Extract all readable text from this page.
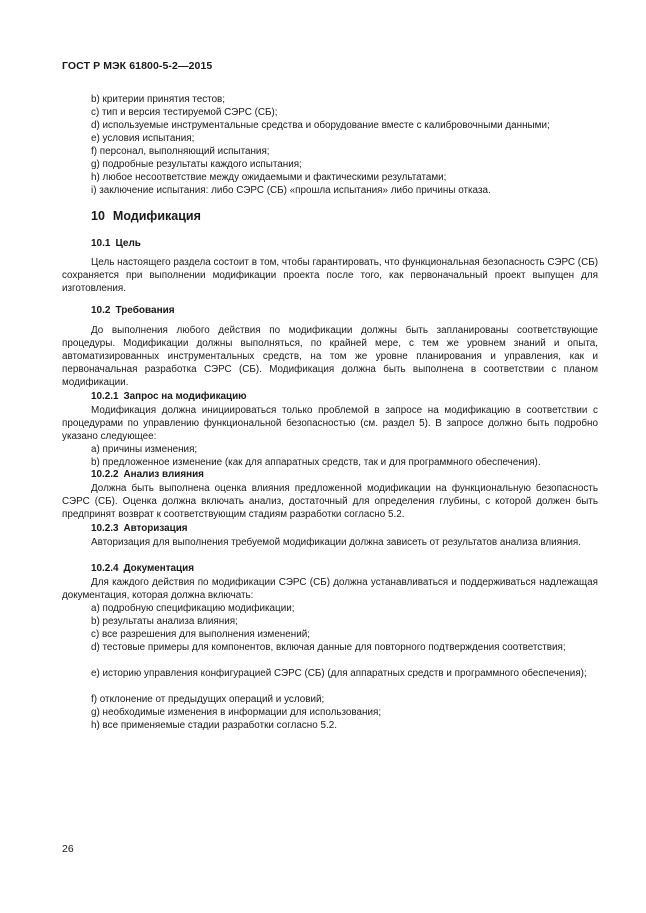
ГОСТ Р МЭК 61800-5-2—2015
b) критерии принятия тестов;
c) тип и версия тестируемой СЭРС (СБ);
d) используемые инструментальные средства и оборудование вместе с калибровочными данными;
e) условия испытания;
f) персонал, выполняющий испытания;
g) подробные результаты каждого испытания;
h) любое несоответствие между ожидаемыми и фактическими результатами;
i) заключение испытания: либо СЭРС (СБ) «прошла испытания» либо причины отказа.
10 Модификация
10.1 Цель
Цель настоящего раздела состоит в том, чтобы гарантировать, что функциональная безопасность СЭРС (СБ) сохраняется при выполнении модификации проекта после того, как первоначальный проект выпущен для изготовления.
10.2 Требования
До выполнения любого действия по модификации должны быть запланированы соответствующие процедуры. Модификации должны выполняться, по крайней мере, с тем же уровнем знаний и опыта, автоматизированных инструментальных средств, на том же уровне планирования и управления, как и первоначальная разработка СЭРС (СБ). Модификация должна быть выполнена в соответствии с планом модификации.
10.2.1 Запрос на модификацию
Модификация должна инициироваться только проблемой в запросе на модификацию в соответствии с процедурами по управлению функциональной безопасностью (см. раздел 5). В запросе должно быть подробно указано следующее:
a) причины изменения;
b) предложенное изменение (как для аппаратных средств, так и для программного обеспечения).
10.2.2 Анализ влияния
Должна быть выполнена оценка влияния предложенной модификации на функциональную безопасность СЭРС (СБ). Оценка должна включать анализ, достаточный для определения глубины, с которой должен быть предпринят возврат к соответствующим стадиям разработки согласно 5.2.
10.2.3 Авторизация
Авторизация для выполнения требуемой модификации должна зависеть от результатов анализа влияния.
10.2.4 Документация
Для каждого действия по модификации СЭРС (СБ) должна устанавливаться и поддерживаться надлежащая документация, которая должна включать:
a) подробную спецификацию модификации;
b) результаты анализа влияния;
c) все разрешения для выполнения изменений;
d) тестовые примеры для компонентов, включая данные для повторного подтверждения соответствия;
e) историю управления конфигурацией СЭРС (СБ) (для аппаратных средств и программного обеспечения);
f) отклонение от предыдущих операций и условий;
g) необходимые изменения в информации для использования;
h) все применяемые стадии разработки согласно 5.2.
26
